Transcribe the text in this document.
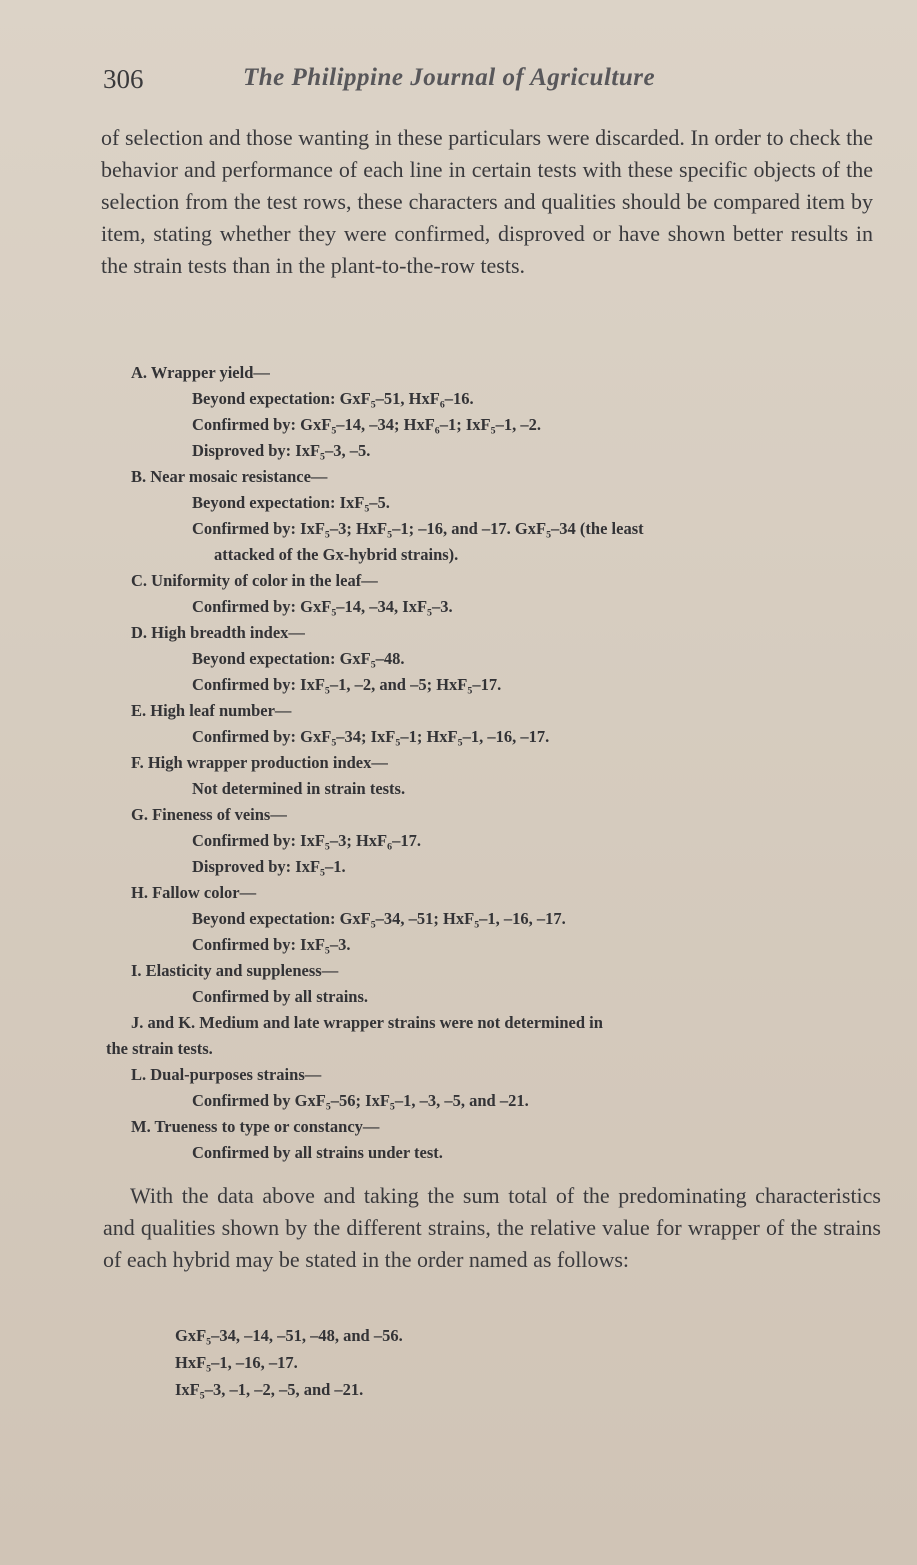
306	The Philippine Journal of Agriculture

of selection and those wanting in these particulars were discarded. In order to check the behavior and performance of each line in certain tests with these specific objects of the selection from the test rows, these characters and qualities should be compared item by item, stating whether they were confirmed, disproved or have shown better results in the strain tests than in the plant-to-the-row tests.

A. Wrapper yield—
Beyond expectation: GxF₅–51, HxF₆–16.
Confirmed by: GxF₅–14, –34; HxF₆–1; IxF₅–1, –2.
Disproved by: IxF₅–3, –5.
B. Near mosaic resistance—
Beyond expectation: IxF₅–5.
Confirmed by: IxF₅–3; HxF₅–1; –16, and –17. GxF₅–34 (the least
attacked of the Gx-hybrid strains).
C. Uniformity of color in the leaf—
Confirmed by: GxF₅–14, –34, IxF₅–3.
D. High breadth index—
Beyond expectation: GxF₅–48.
Confirmed by: IxF₅–1, –2, and –5; HxF₅–17.
E. High leaf number—
Confirmed by: GxF₅–34; IxF₅–1; HxF₅–1, –16, –17.
F. High wrapper production index—
Not determined in strain tests.
G. Fineness of veins—
Confirmed by: IxF₅–3; HxF₆–17.
Disproved by: IxF₅–1.
H. Fallow color—
Beyond expectation: GxF₅–34, –51; HxF₅–1, –16, –17.
Confirmed by: IxF₅–3.
I. Elasticity and suppleness—
Confirmed by all strains.
J. and K. Medium and late wrapper strains were not determined in
the strain tests.
L. Dual-purposes strains—
Confirmed by GxF₅–56; IxF₅–1, –3, –5, and –21.
M. Trueness to type or constancy—
Confirmed by all strains under test.

With the data above and taking the sum total of the predominating characteristics and qualities shown by the different strains, the relative value for wrapper of the strains of each hybrid may be stated in the order named as follows:

GxF₅–34, –14, –51, –48, and –56.
HxF₅–1, –16, –17.
IxF₅–3, –1, –2, –5, and –21.
